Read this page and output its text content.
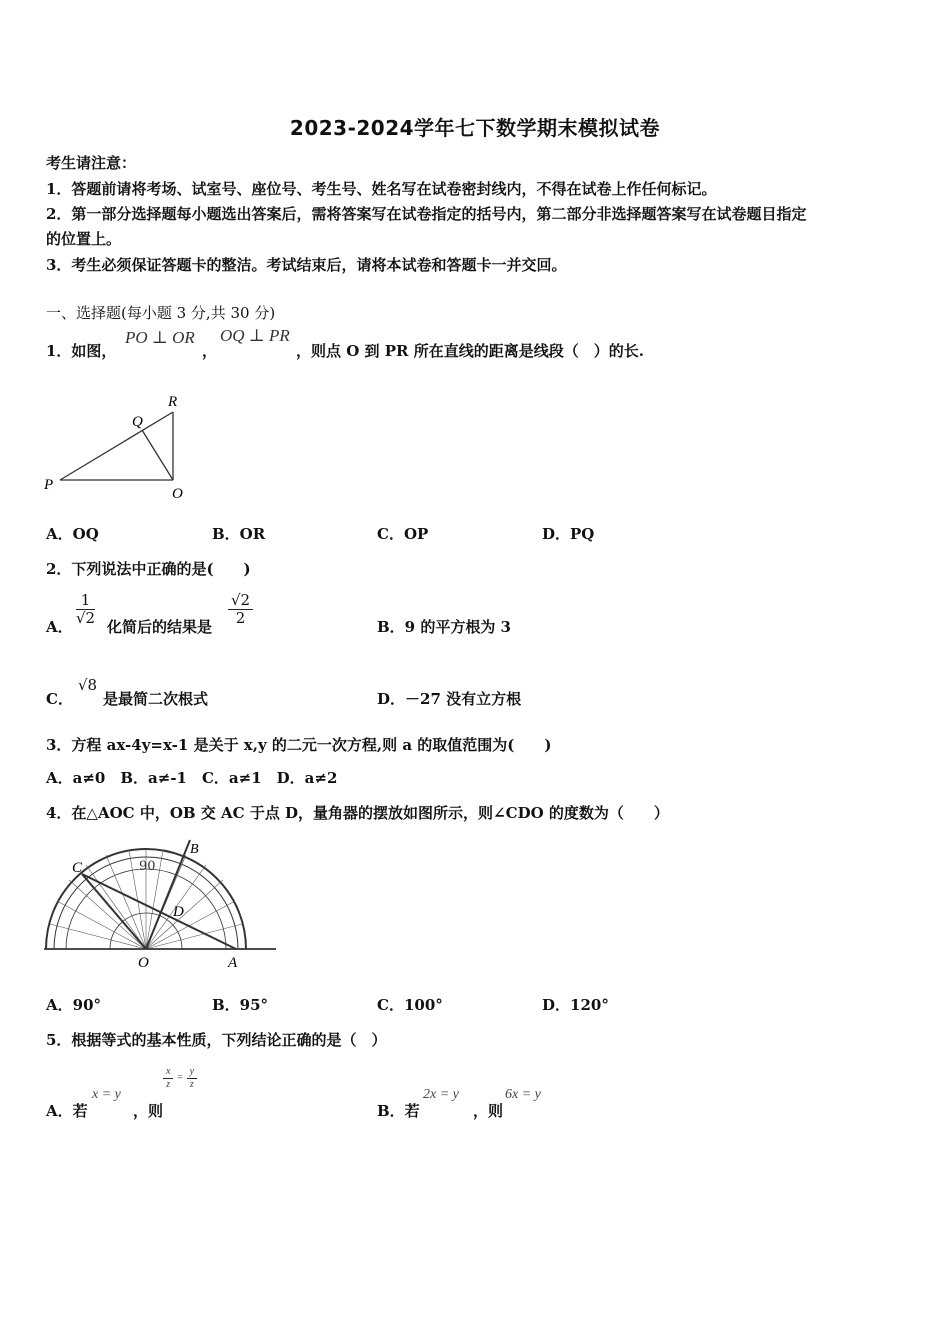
2023-2024学年七下数学期末模拟试卷
考生请注意：
1．答题前请将考场、试室号、座位号、考生号、姓名写在试卷密封线内，不得在试卷上作任何标记。
2．第一部分选择题每小题选出答案后，需将答案写在试卷指定的括号内，第二部分非选择题答案写在试卷题目指定
的位置上。
3．考生必须保证答题卡的整洁。考试结束后，请将本试卷和答题卡一并交回。
一、选择题(每小题 3 分,共 30 分)
1．如图，
PO ⊥ OR
，
OQ ⊥ PR
，则点 O 到 PR 所在直线的距离是线段（　）的长.
P
Q
R
O
A．OQ	B．OR	C．OP	D．PQ
2．下列说法中正确的是(　　)
A． $\frac{1}{√2}$ 化简后的结果是 $\frac{√2}{2}$	B．9 的平方根为 3
C．
√8
是最简二次根式	D．－27 没有立方根
3．方程 ax-4y=x-1 是关于 x,y 的二元一次方程,则 a 的取值范围为(　　)
A．a≠0　B．a≠-1　C．a≠1　D．a≠2
4．在△AOC 中，OB 交 AC 于点 D，量角器的摆放如图所示，则∠CDO 的度数为（　　）
C
B
D
O	A
90
A．90°	B．95°	C．100°	D．120°
5．根据等式的基本性质，下列结论正确的是（　）
A．若
x = y
，则
$\frac{x}{z} = \frac{y}{z}$
B．若
2x = y
，则
6x = y
